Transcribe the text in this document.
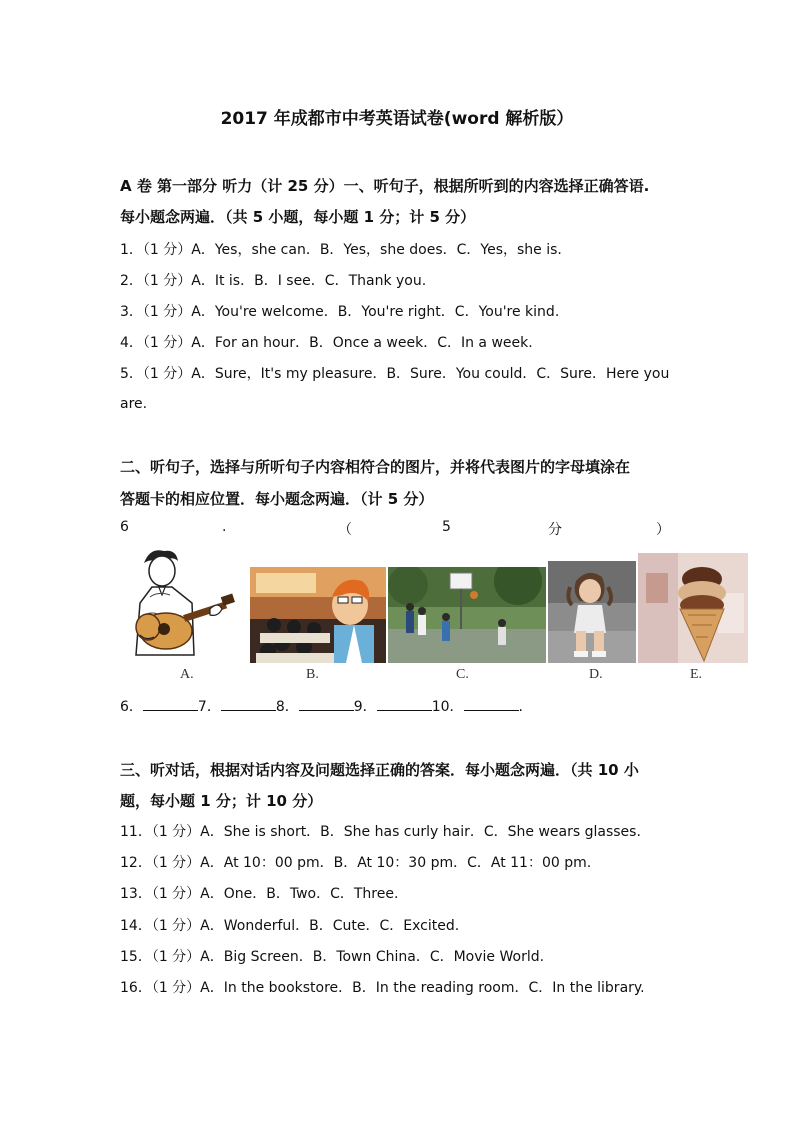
2017 年成都市中考英语试卷(word 解析版）
A 卷 第一部分 听力（计 25 分）一、听句子，根据所听到的内容选择正确答语.
每小题念两遍．（共 5 小题，每小题 1 分；计 5 分）
1．（1 分）A．Yes，she can．B．Yes，she does．C．Yes，she is.
2．（1 分）A．It is．B．I see．C．Thank you.
3．（1 分）A．You're welcome．B．You're right．C．You're kind.
4．（1 分）A．For an hour．B．Once a week．C．In a week.
5．（1 分）A．Sure，It's my pleasure．B．Sure．You could．C．Sure．Here you
are.
二、听句子，选择与所听句子内容相符合的图片，并将代表图片的字母填涂在
答题卡的相应位置．每小题念两遍．（计 5 分）
6	.	（	5	分	）
A.	B.	C.	D.	E.
6．	7．	8．	9．	10．	.
三、听对话，根据对话内容及问题选择正确的答案．每小题念两遍．（共 10 小
题，每小题 1 分；计 10 分）
11．（1 分）A．She is short．B．She has curly hair．C．She wears glasses.
12．（1 分）A．At 10：00 pm．B．At 10：30 pm．C．At 11：00 pm.
13．（1 分）A．One．B．Two．C．Three.
14．（1 分）A．Wonderful．B．Cute．C．Excited.
15．（1 分）A．Big Screen．B．Town China．C．Movie World.
16．（1 分）A．In the bookstore．B．In the reading room．C．In the library.
